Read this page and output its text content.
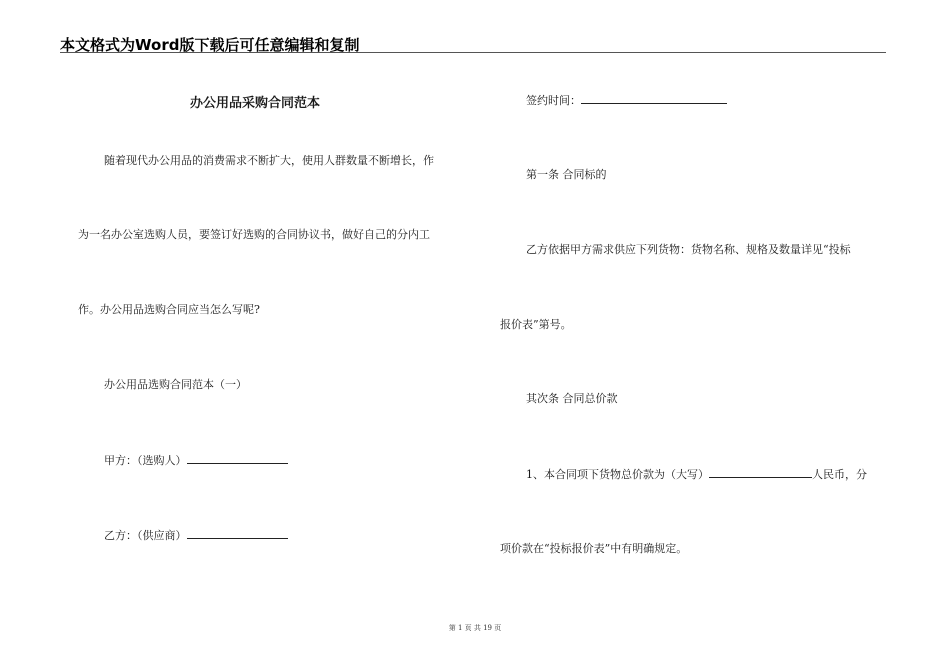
本文格式为Word版下载后可任意编辑和复制
办公用品采购合同范本
随着现代办公用品的消费需求不断扩大，使用人群数量不断增长，作
为一名办公室选购人员，要签订好选购的合同协议书，做好自己的分内工
作。办公用品选购合同应当怎么写呢?
办公用品选购合同范本（一）
甲方：（选购人）
乙方：（供应商）
签约时间：
第一条 合同标的
乙方依据甲方需求供应下列货物：货物名称、规格及数量详见“投标
报价表”第号。
其次条 合同总价款
1、本合同项下货物总价款为（大写）	人民币，分
项价款在“投标报价表”中有明确规定。
第 1 页 共 19 页
